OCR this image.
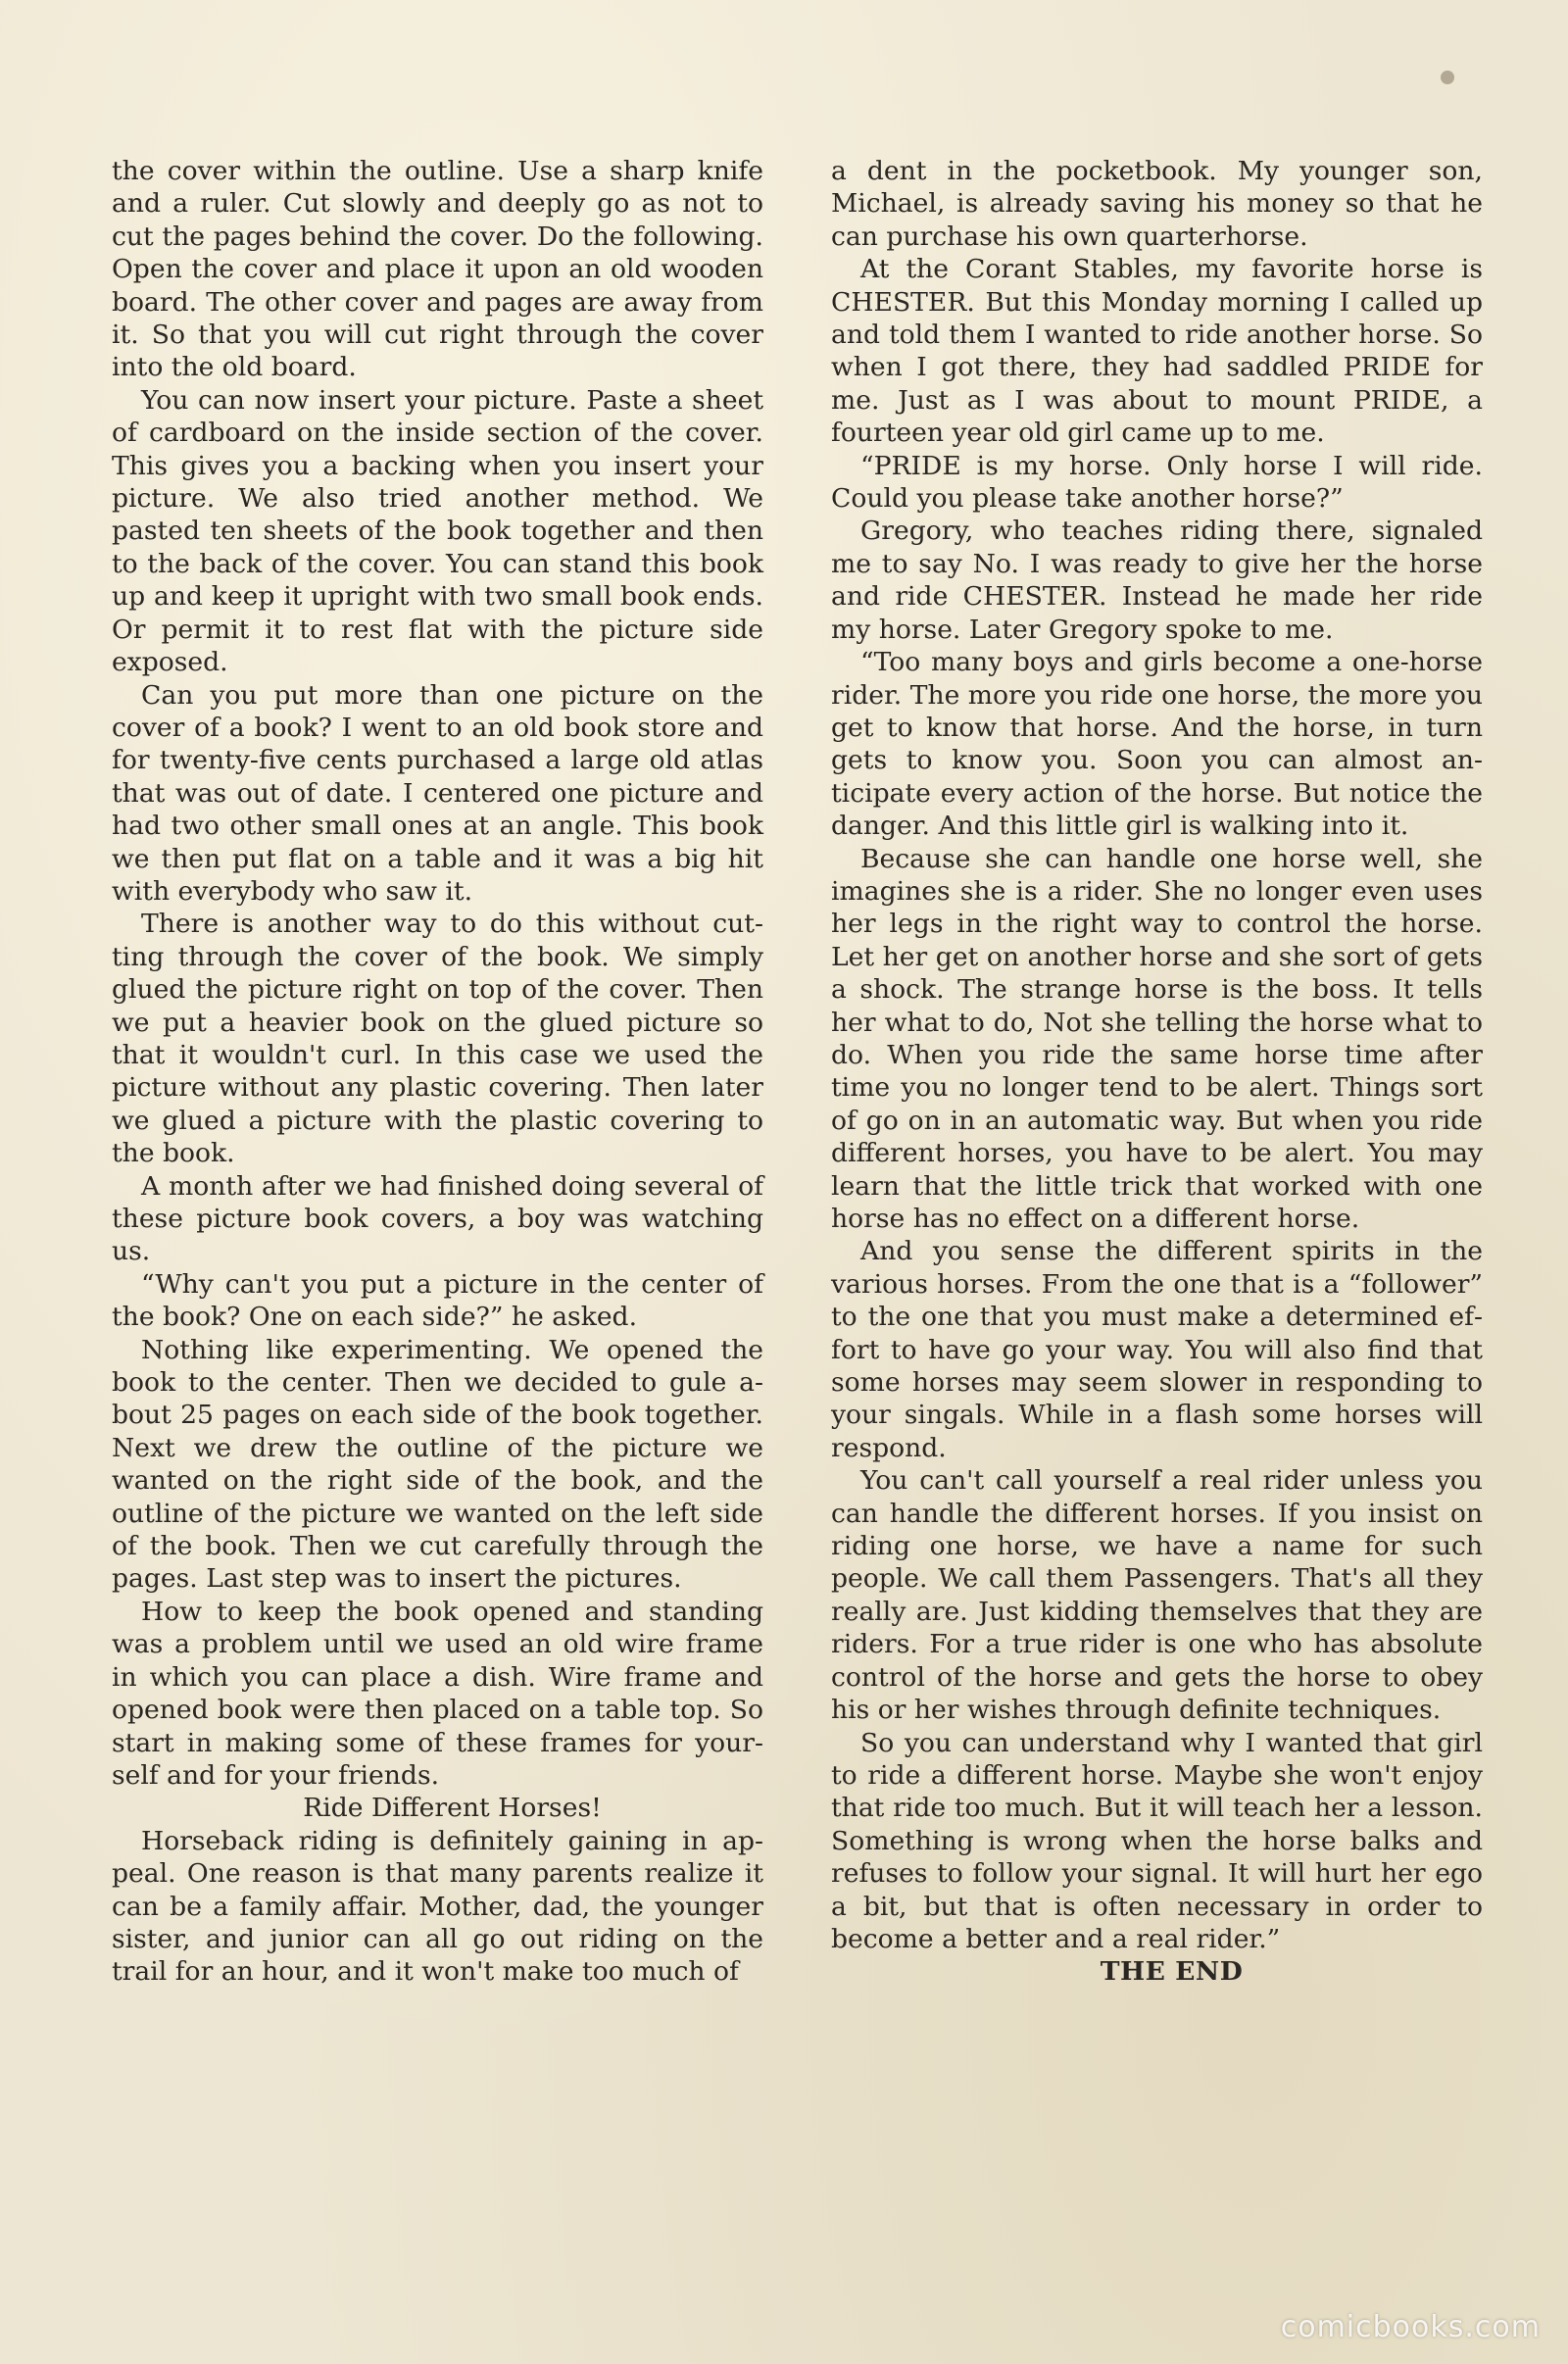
the cover within the outline. Use a sharp knife and a ruler. Cut slowly and deeply go as not to cut the pages behind the cover. Do the following. Open the cover and place it upon an old wooden board. The other cover and pages are away from it. So that you will cut right through the cover into the old board.

You can now insert your picture. Paste a sheet of cardboard on the inside section of the cover. This gives you a backing when you insert your picture. We also tried another method. We pasted ten sheets of the book together and then to the back of the cover. You can stand this book up and keep it upright with two small book ends. Or permit it to rest flat with the picture side exposed.

Can you put more than one picture on the cover of a book? I went to an old book store and for twenty-five cents purchased a large old atlas that was out of date. I centered one picture and had two other small ones at an angle. This book we then put flat on a table and it was a big hit with everybody who saw it.

There is another way to do this without cutting through the cover of the book. We simply glued the picture right on top of the cover. Then we put a heavier book on the glued picture so that it wouldn't curl. In this case we used the picture without any plastic covering. Then later we glued a picture with the plastic covering to the book.

A month after we had finished doing several of these picture book covers, a boy was watching us.

“Why can't you put a picture in the center of the book? One on each side?” he asked.

Nothing like experimenting. We opened the book to the center. Then we decided to gule about 25 pages on each side of the book together. Next we drew the outline of the picture we wanted on the right side of the book, and the outline of the picture we wanted on the left side of the book. Then we cut carefully through the pages. Last step was to insert the pictures.

How to keep the book opened and standing was a problem until we used an old wire frame in which you can place a dish. Wire frame and opened book were then placed on a table top. So start in making some of these frames for yourself and for your friends.

Ride Different Horses!

Horseback riding is definitely gaining in appeal. One reason is that many parents realize it can be a family affair. Mother, dad, the younger sister, and junior can all go out riding on the trail for an hour, and it won't make too much of

a dent in the pocketbook. My younger son, Michael, is already saving his money so that he can purchase his own quarterhorse.

At the Corant Stables, my favorite horse is CHESTER. But this Monday morning I called up and told them I wanted to ride another horse. So when I got there, they had saddled PRIDE for me. Just as I was about to mount PRIDE, a fourteen year old girl came up to me.

“PRIDE is my horse. Only horse I will ride. Could you please take another horse?”

Gregory, who teaches riding there, signaled me to say No. I was ready to give her the horse and ride CHESTER. Instead he made her ride my horse. Later Gregory spoke to me.

“Too many boys and girls become a one-horse rider. The more you ride one horse, the more you get to know that horse. And the horse, in turn gets to know you. Soon you can almost anticipate every action of the horse. But notice the danger. And this little girl is walking into it.

Because she can handle one horse well, she imagines she is a rider. She no longer even uses her legs in the right way to control the horse. Let her get on another horse and she sort of gets a shock. The strange horse is the boss. It tells her what to do, Not she telling the horse what to do. When you ride the same horse time after time you no longer tend to be alert. Things sort of go on in an automatic way. But when you ride different horses, you have to be alert. You may learn that the little trick that worked with one horse has no effect on a different horse.

And you sense the different spirits in the various horses. From the one that is a “follower” to the one that you must make a determined effort to have go your way. You will also find that some horses may seem slower in responding to your singals. While in a flash some horses will respond.

You can't call yourself a real rider unless you can handle the different horses. If you insist on riding one horse, we have a name for such people. We call them Passengers. That's all they really are. Just kidding themselves that they are riders. For a true rider is one who has absolute control of the horse and gets the horse to obey his or her wishes through definite techniques.

So you can understand why I wanted that girl to ride a different horse. Maybe she won't enjoy that ride too much. But it will teach her a lesson. Something is wrong when the horse balks and refuses to follow your signal. It will hurt her ego a bit, but that is often necessary in order to become a better and a real rider.”

THE END

comicbooks.com
